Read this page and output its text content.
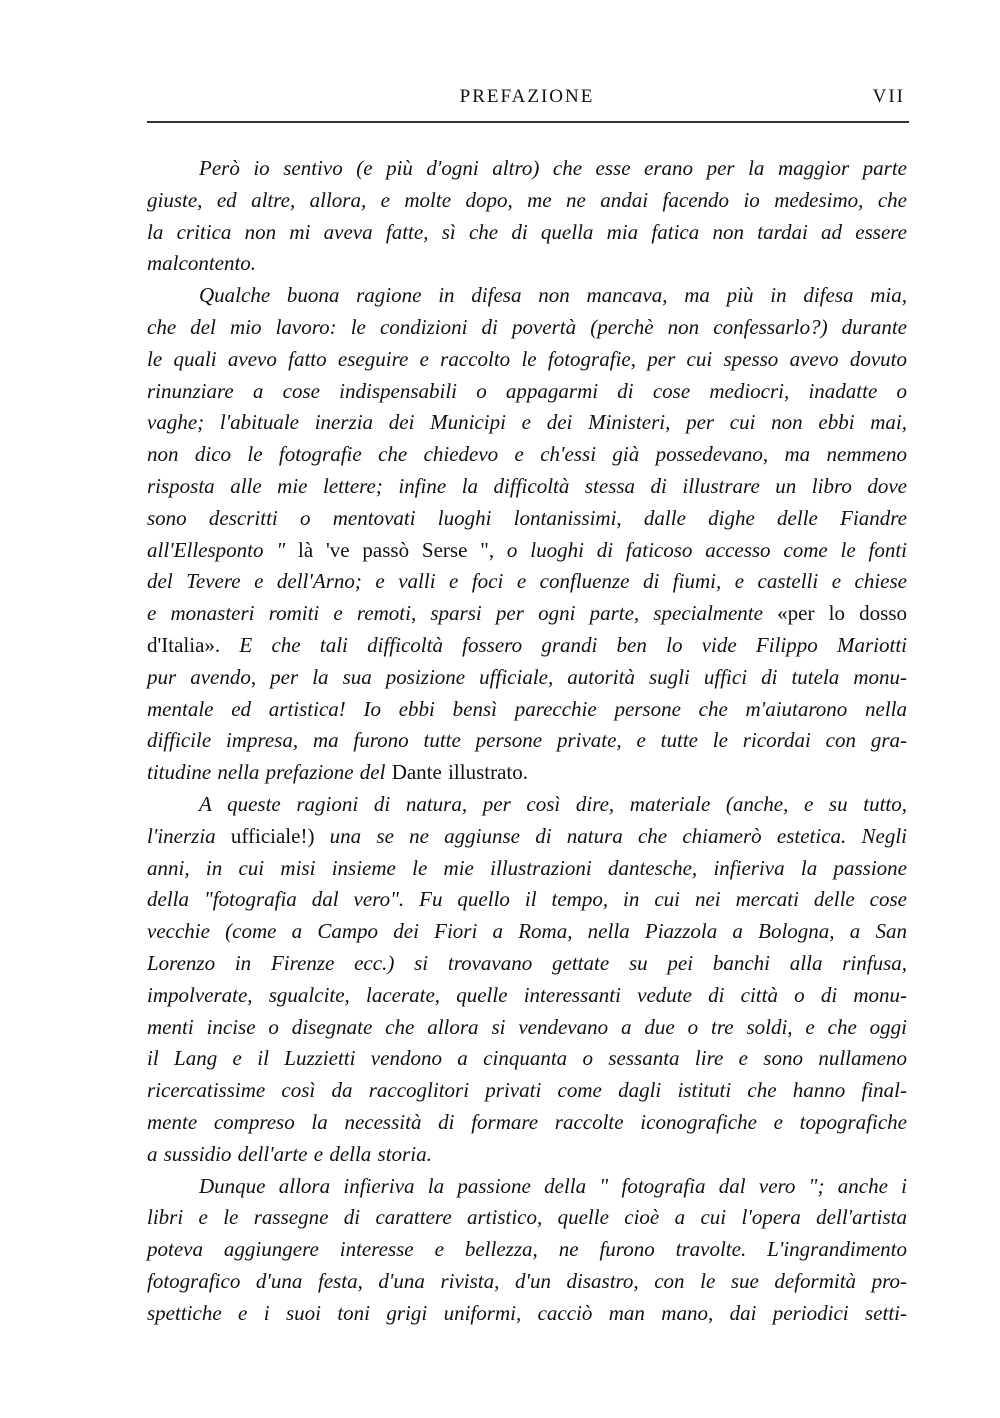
PREFAZIONE	VII
Però io sentivo (e più d'ogni altro) che esse erano per la maggior parte
giuste, ed altre, allora, e molte dopo, me ne andai facendo io medesimo, che
la critica non mi aveva fatte, sì che di quella mia fatica non tardai ad essere
malcontento.
Qualche buona ragione in difesa non mancava, ma più in difesa mia,
che del mio lavoro: le condizioni di povertà (perchè non confessarlo?) durante
le quali avevo fatto eseguire e raccolto le fotografie, per cui spesso avevo dovuto
rinunziare a cose indispensabili o appagarmi di cose mediocri, inadatte o
vaghe; l'abituale inerzia dei Municipi e dei Ministeri, per cui non ebbi mai,
non dico le fotografie che chiedevo e ch'essi già possedevano, ma nemmeno
risposta alle mie lettere; infine la difficoltà stessa di illustrare un libro dove
sono descritti o mentovati luoghi lontanissimi, dalle dighe delle Fiandre
all'Ellesponto " là 've passò Serse ", o luoghi di faticoso accesso come le fonti
del Tevere e dell'Arno; e valli e foci e confluenze di fiumi, e castelli e chiese
e monasteri romiti e remoti, sparsi per ogni parte, specialmente «per lo dosso
d'Italia». E che tali difficoltà fossero grandi ben lo vide Filippo Mariotti
pur avendo, per la sua posizione ufficiale, autorità sugli uffici di tutela monu-
mentale ed artistica! Io ebbi bensì parecchie persone che m'aiutarono nella
difficile impresa, ma furono tutte persone private, e tutte le ricordai con gra-
titudine nella prefazione del Dante illustrato.
A queste ragioni di natura, per così dire, materiale (anche, e su tutto,
l'inerzia ufficiale!) una se ne aggiunse di natura che chiamerò estetica. Negli
anni, in cui misi insieme le mie illustrazioni dantesche, infieriva la passione
della "fotografia dal vero". Fu quello il tempo, in cui nei mercati delle cose
vecchie (come a Campo dei Fiori a Roma, nella Piazzola a Bologna, a San
Lorenzo in Firenze ecc.) si trovavano gettate su pei banchi alla rinfusa,
impolverate, sgualcite, lacerate, quelle interessanti vedute di città o di monu-
menti incise o disegnate che allora si vendevano a due o tre soldi, e che oggi
il Lang e il Luzzietti vendono a cinquanta o sessanta lire e sono nullameno
ricercatissime così da raccoglitori privati come dagli istituti che hanno final-
mente compreso la necessità di formare raccolte iconografiche e topografiche
a sussidio dell'arte e della storia.
Dunque allora infieriva la passione della " fotografia dal vero "; anche i
libri e le rassegne di carattere artistico, quelle cioè a cui l'opera dell'artista
poteva aggiungere interesse e bellezza, ne furono travolte. L'ingrandimento
fotografico d'una festa, d'una rivista, d'un disastro, con le sue deformità pro-
spettiche e i suoi toni grigi uniformi, cacciò man mano, dai periodici setti-
